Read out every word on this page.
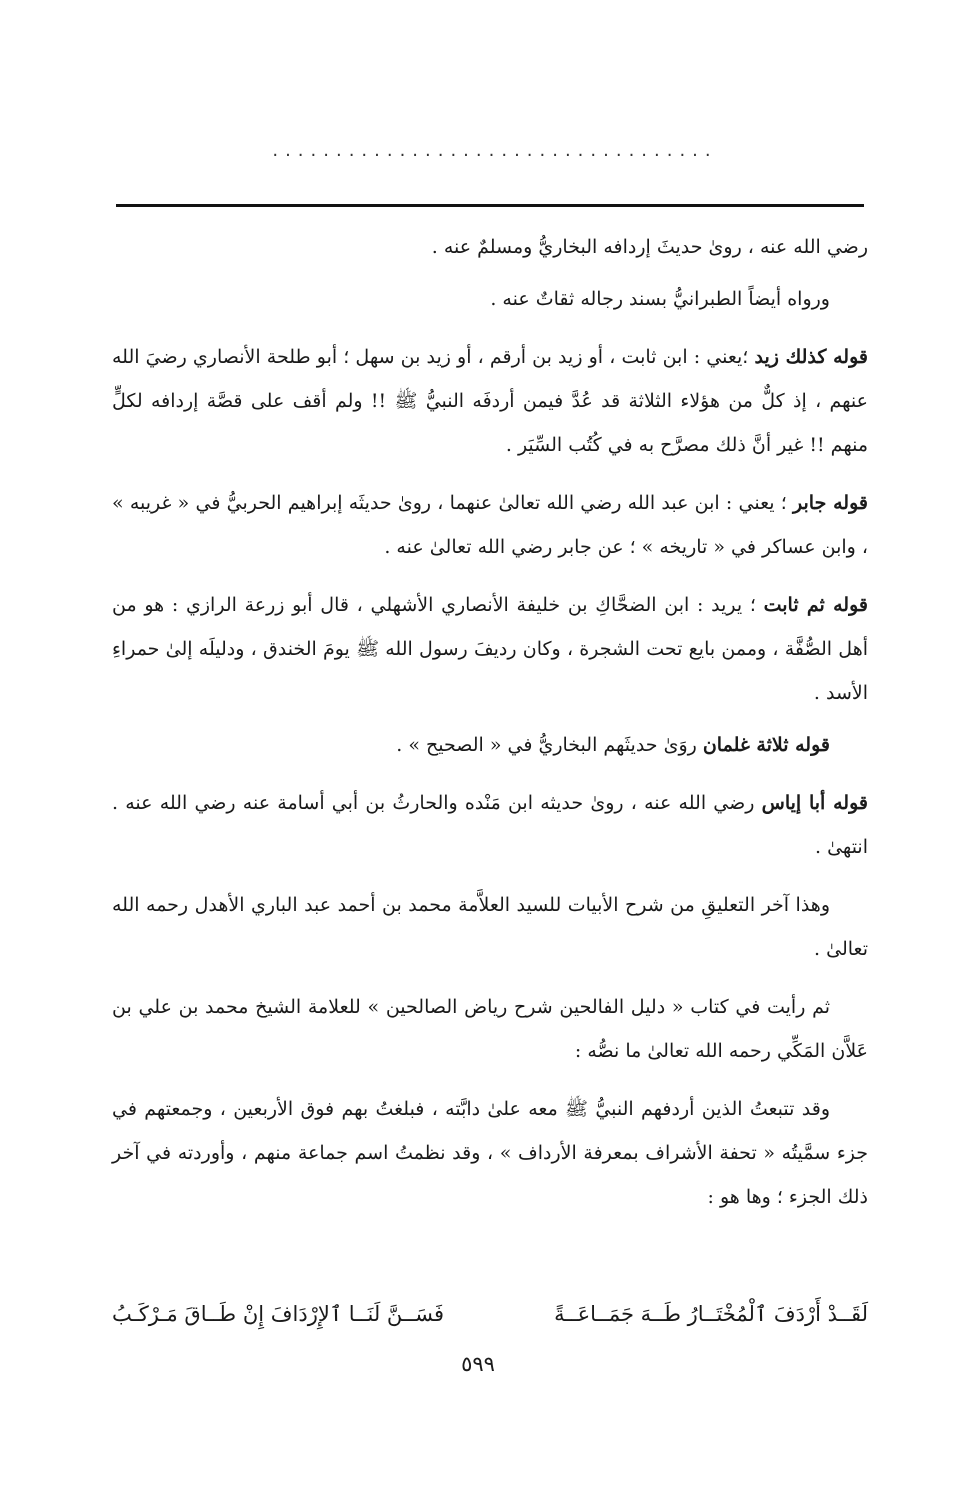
...................................

رضي الله عنه ، رویٰ حديثَ إردافه البخاريُّ ومسلمٌ عنه .

ورواه أيضاً الطبرانيُّ بسند رجاله ثقاتٌ عنه .

قوله كذلك زيد ؛يعني : ابن ثابت ، أو زيد بن أرقم ، أو زيد بن سهل ؛ أبو طلحة الأنصاري رضيَ الله عنهم ، إذ كلٌّ من هؤلاء الثلاثة قد عُدَّ فيمن أردفَه النبيُّ ﷺ !! ولم أقف على قصَّة إردافه لكلٍّ منهم !! غير أنَّ ذلك مصرَّح به في كُتُب السِّيَر .

قوله جابر ؛ يعني : ابن عبد الله رضي الله تعالىٰ عنهما ، رویٰ حديثَه إبراهيم الحربيُّ في « غريبه » ، وابن عساكر في « تاريخه » ؛ عن جابر رضي الله تعالىٰ عنه .

قوله ثم ثابت ؛ يريد : ابن الضحَّاكِ بن خليفة الأنصاري الأشهلي ، قال أبو زرعة الرازي : هو من أهل الصُّفَّة ، وممن بايع تحت الشجرة ، وكان رديفَ رسول الله ﷺ يومَ الخندق ، ودليلَه إلىٰ حمراءِ الأسد .

قوله ثلاثة غلمان روَیٰ حديثَهم البخاريُّ في « الصحيح » .

قوله أبا إياس رضي الله عنه ، رویٰ حديثه ابن مَنْده والحارثُ بن أبي أسامة عنه رضي الله عنه . انتهىٰ .

وهذا آخر التعليقِ من شرح الأبيات للسيد العلاَّمة محمد بن أحمد عبد الباري الأهدل رحمه الله تعالىٰ .

ثم رأيت في كتاب « دليل الفالحين شرح رياض الصالحين » للعلامة الشيخ محمد بن علي بن عَلاَّن المَكِّي رحمه الله تعالىٰ ما نصُّه :

وقد تتبعتُ الذين أردفهم النبيُّ ﷺ معه علىٰ دابَّته ، فبلغتُ بهم فوق الأربعين ، وجمعتهم في جزء سمَّيتُه « تحفة الأشراف بمعرفة الأرداف » ، وقد نظمتُ اسم جماعة منهم ، وأوردته في آخر ذلك الجزء ؛ وها هو :

لَقَــدْ أَرْدَفَ ٱلْمُخْتَــارُ طَــهَ جَمَــاعَــةً
فَسَــنَّ لَنَــا ٱلإِرْدَافَ إِنْ طَــاقَ مَـرْكَـبُ
٥٩٩
